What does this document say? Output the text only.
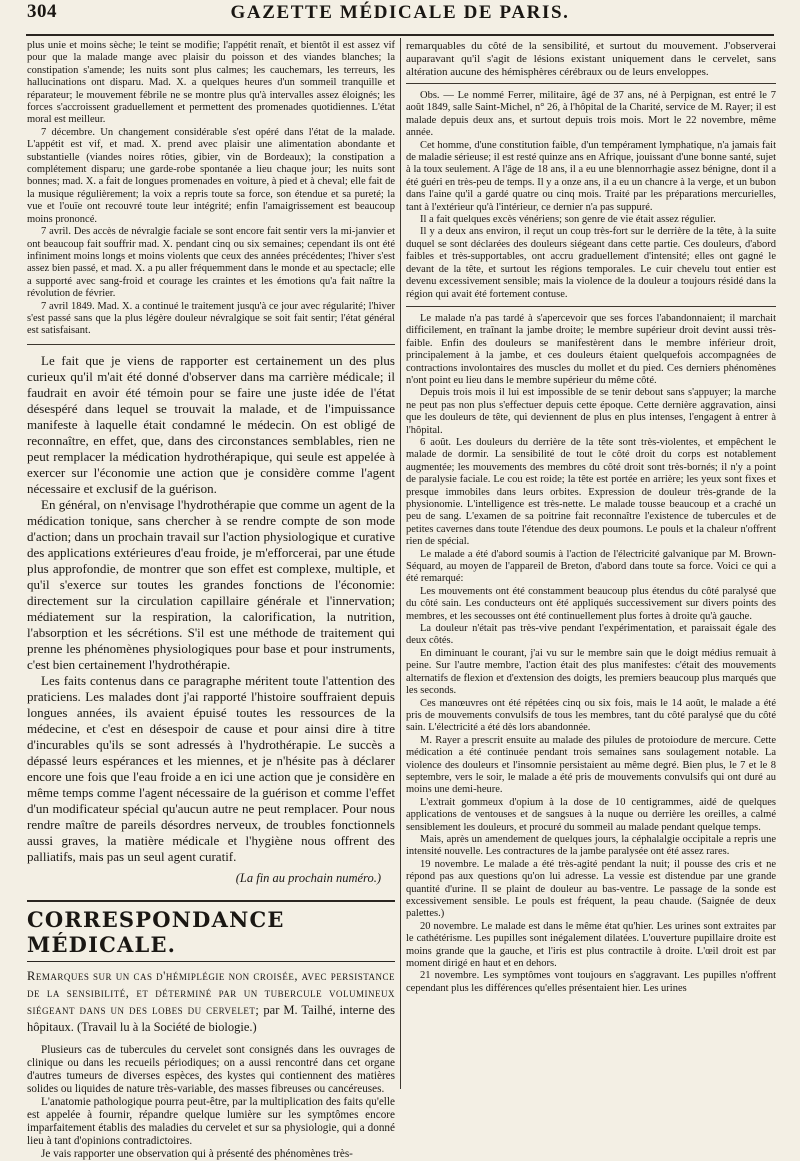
304	GAZETTE MÉDICALE DE PARIS.

plus unie et moins sèche; le teint se modifie; l'appétit renaît, et bientôt il est assez vif pour que la malade mange avec plaisir du poisson et des viandes blanches; la constipation s'amende; les nuits sont plus calmes; les cauchemars, les terreurs, les hallucinations ont disparu. Mad. X. a quelques heures d'un sommeil tranquille et réparateur; le mouvement fébrile ne se montre plus qu'à intervalles assez éloignés; les forces s'accroissent graduellement et permettent des promenades quotidiennes. L'état moral est meilleur.

7 décembre. Un changement considérable s'est opéré dans l'état de la malade. L'appétit est vif, et mad. X. prend avec plaisir une alimentation abondante et substantielle (viandes noires rôties, gibier, vin de Bordeaux); la constipation a complétement disparu; une garde-robe spontanée a lieu chaque jour; les nuits sont bonnes; mad. X. a fait de longues promenades en voiture, à pied et à cheval; elle fait de la musique régulièrement; la voix a repris toute sa force, son étendue et sa pureté; la vue et l'ouïe ont recouvré toute leur intégrité; enfin l'amaigrissement est beaucoup moins prononcé.

7 avril. Des accès de névralgie faciale se sont encore fait sentir vers la mi-janvier et ont beaucoup fait souffrir mad. X. pendant cinq ou six semaines; cependant ils ont été infiniment moins longs et moins violents que ceux des années précédentes; l'hiver s'est assez bien passé, et mad. X. a pu aller fréquemment dans le monde et au spectacle; elle a supporté avec sang-froid et courage les craintes et les émotions qu'a fait naître la révolution de février.

7 avril 1849. Mad. X. a continué le traitement jusqu'à ce jour avec régularité; l'hiver s'est passé sans que la plus légère douleur névralgique se soit fait sentir; l'état général est satisfaisant.

Le fait que je viens de rapporter est certainement un des plus curieux qu'il m'ait été donné d'observer dans ma carrière médicale; il faudrait en avoir été témoin pour se faire une juste idée de l'état désespéré dans lequel se trouvait la malade, et de l'impuissance manifeste à laquelle était condamné le médecin. On est obligé de reconnaître, en effet, que, dans des circonstances semblables, rien ne peut remplacer la médication hydrothérapique, qui seule est appelée à exercer sur l'économie une action que je considère comme l'agent nécessaire et exclusif de la guérison.

En général, on n'envisage l'hydrothérapie que comme un agent de la médication tonique, sans chercher à se rendre compte de son mode d'action; dans un prochain travail sur l'action physiologique et curative des applications extérieures d'eau froide, je m'efforcerai, par une étude plus approfondie, de montrer que son effet est complexe, multiple, et qu'il s'exerce sur toutes les grandes fonctions de l'économie: directement sur la circulation capillaire générale et l'innervation; médiatement sur la respiration, la calorification, la nutrition, l'absorption et les sécrétions. S'il est une méthode de traitement qui prenne les phénomènes physiologiques pour base et pour instruments, c'est bien certainement l'hydrothérapie.

Les faits contenus dans ce paragraphe méritent toute l'attention des praticiens. Les malades dont j'ai rapporté l'histoire souffraient depuis longues années, ils avaient épuisé toutes les ressources de la médecine, et c'est en désespoir de cause et pour ainsi dire à titre d'incurables qu'ils se sont adressés à l'hydrothérapie. Le succès a dépassé leurs espérances et les miennes, et je n'hésite pas à déclarer encore une fois que l'eau froide a en ici une action que je considère en même temps comme l'agent nécessaire de la guérison et comme l'effet d'un modificateur spécial qu'aucun autre ne peut remplacer. Pour nous rendre maître de pareils désordres nerveux, de troubles fonctionnels aussi graves, la matière médicale et l'hygiène nous offrent des palliatifs, mais pas un seul agent curatif.

(La fin au prochain numéro.)

CORRESPONDANCE MÉDICALE.

Remarques sur un cas d'hémiplégie non croisée, avec persistance de la sensibilité, et déterminé par un tubercule volumineux siégeant dans un des lobes du cervelet; par M. Tailhé, interne des hôpitaux. (Travail lu à la Société de biologie.)

Plusieurs cas de tubercules du cervelet sont consignés dans les ouvrages de clinique ou dans les recueils périodiques; on a aussi rencontré dans cet organe d'autres tumeurs de diverses espèces, des kystes qui contiennent des matières solides ou liquides de nature très-variable, des masses fibreuses ou cancéreuses.

L'anatomie pathologique pourra peut-être, par la multiplication des faits qu'elle est appelée à fournir, répandre quelque lumière sur les symptômes encore imparfaitement établis des maladies du cervelet et sur sa physiologie, qui a donné lieu à tant d'opinions contradictoires.

Je vais rapporter une observation qui à présenté des phénomènes très-

remarquables du côté de la sensibilité, et surtout du mouvement. J'observerai auparavant qu'il s'agit de lésions existant uniquement dans le cervelet, sans altération aucune des hémisphères cérébraux ou de leurs enveloppes.

Obs. — Le nommé Ferrer, militaire, âgé de 37 ans, né à Perpignan, est entré le 7 août 1849, salle Saint-Michel, n° 26, à l'hôpital de la Charité, service de M. Rayer; il est malade depuis deux ans, et surtout depuis trois mois. Mort le 22 novembre, même année.

Cet homme, d'une constitution faible, d'un tempérament lymphatique, n'a jamais fait de maladie sérieuse; il est resté quinze ans en Afrique, jouissant d'une bonne santé, sujet à la toux seulement. A l'âge de 18 ans, il a eu une blennorrhagie assez bénigne, dont il a été guéri en très-peu de temps. Il y a onze ans, il a eu un chancre à la verge, et un bubon dans l'aine qu'il a gardé quatre ou cinq mois. Traité par les préparations mercurielles, tant à l'extérieur qu'à l'intérieur, ce dernier n'a pas suppuré.

Il a fait quelques excès vénériens; son genre de vie était assez régulier.

Il y a deux ans environ, il reçut un coup très-fort sur le derrière de la tête, à la suite duquel se sont déclarées des douleurs siégeant dans cette partie. Ces douleurs, d'abord faibles et très-supportables, ont accru graduellement d'intensité; elles ont gagné le devant de la tête, et surtout les régions temporales. Le cuir chevelu tout entier est devenu excessivement sensible; mais la violence de la douleur a toujours résidé dans la région qui avait été fortement contuse.

Le malade n'a pas tardé à s'apercevoir que ses forces l'abandonnaient; il marchait difficilement, en traînant la jambe droite; le membre supérieur droit devint aussi très-faible. Enfin des douleurs se manifestèrent dans le membre inférieur droit, principalement à la jambe, et ces douleurs étaient quelquefois accompagnées de contractions involontaires des muscles du mollet et du pied. Ces derniers phénomènes n'ont point eu lieu dans le membre supérieur du même côté.

Depuis trois mois il lui est impossible de se tenir debout sans s'appuyer; la marche ne peut pas non plus s'effectuer depuis cette époque. Cette dernière aggravation, ainsi que les douleurs de tête, qui deviennent de plus en plus intenses, l'engagent à entrer à l'hôpital.

6 août. Les douleurs du derrière de la tête sont très-violentes, et empêchent le malade de dormir. La sensibilité de tout le côté droit du corps est notablement augmentée; les mouvements des membres du côté droit sont très-bornés; il n'y a point de paralysie faciale. Le cou est roide; la tête est portée en arrière; les yeux sont fixes et presque immobiles dans leurs orbites. Expression de douleur très-grande de la physionomie. L'intelligence est très-nette. Le malade tousse beaucoup et a craché un peu de sang. L'examen de sa poitrine fait reconnaître l'existence de tubercules et de petites cavernes dans toute l'étendue des deux poumons. Le pouls et la chaleur n'offrent rien de spécial.

Le malade a été d'abord soumis à l'action de l'électricité galvanique par M. Brown-Séquard, au moyen de l'appareil de Breton, d'abord dans toute sa force. Voici ce qui a été remarqué:

Les mouvements ont été constamment beaucoup plus étendus du côté paralysé que du côté sain. Les conducteurs ont été appliqués successivement sur divers points des membres, et les secousses ont été continuellement plus fortes à droite qu'à gauche.

La douleur n'était pas très-vive pendant l'expérimentation, et paraissait égale des deux côtés.

En diminuant le courant, j'ai vu sur le membre sain que le doigt médius remuait à peine. Sur l'autre membre, l'action était des plus manifestes: c'était des mouvements alternatifs de flexion et d'extension des doigts, les premiers beaucoup plus marqués que les seconds.

Ces manœuvres ont été répétées cinq ou six fois, mais le 14 août, le malade a été pris de mouvements convulsifs de tous les membres, tant du côté paralysé que du côté sain. L'électricité a été dès lors abandonnée.

M. Rayer a prescrit ensuite au malade des pilules de protoiodure de mercure. Cette médication a été continuée pendant trois semaines sans soulagement notable. La violence des douleurs et l'insomnie persistaient au même degré. Bien plus, le 7 et le 8 septembre, vers le soir, le malade a été pris de mouvements convulsifs qui ont duré au moins une demi-heure.

L'extrait gommeux d'opium à la dose de 10 centigrammes, aidé de quelques applications de ventouses et de sangsues à la nuque ou derrière les oreilles, a calmé sensiblement les douleurs, et procuré du sommeil au malade pendant quelque temps.

Mais, après un amendement de quelques jours, la céphalalgie occipitale a repris une intensité nouvelle. Les contractures de la jambe paralysée ont été assez rares.

19 novembre. Le malade a été très-agité pendant la nuit; il pousse des cris et ne répond pas aux questions qu'on lui adresse. La vessie est distendue par une grande quantité d'urine. Il se plaint de douleur au bas-ventre. Le passage de la sonde est excessivement sensible. Le pouls est fréquent, la peau chaude. (Saignée de deux palettes.)

20 novembre. Le malade est dans le même état qu'hier. Les urines sont extraites par le cathétérisme. Les pupilles sont inégalement dilatées. L'ouverture pupillaire droite est moins grande que la gauche, et l'iris est plus contractile à droite. L'œil droit est par moment dirigé en haut et en dehors.

21 novembre. Les symptômes vont toujours en s'aggravant. Les pupilles n'offrent cependant plus les différences qu'elles présentaient hier. Les urines
